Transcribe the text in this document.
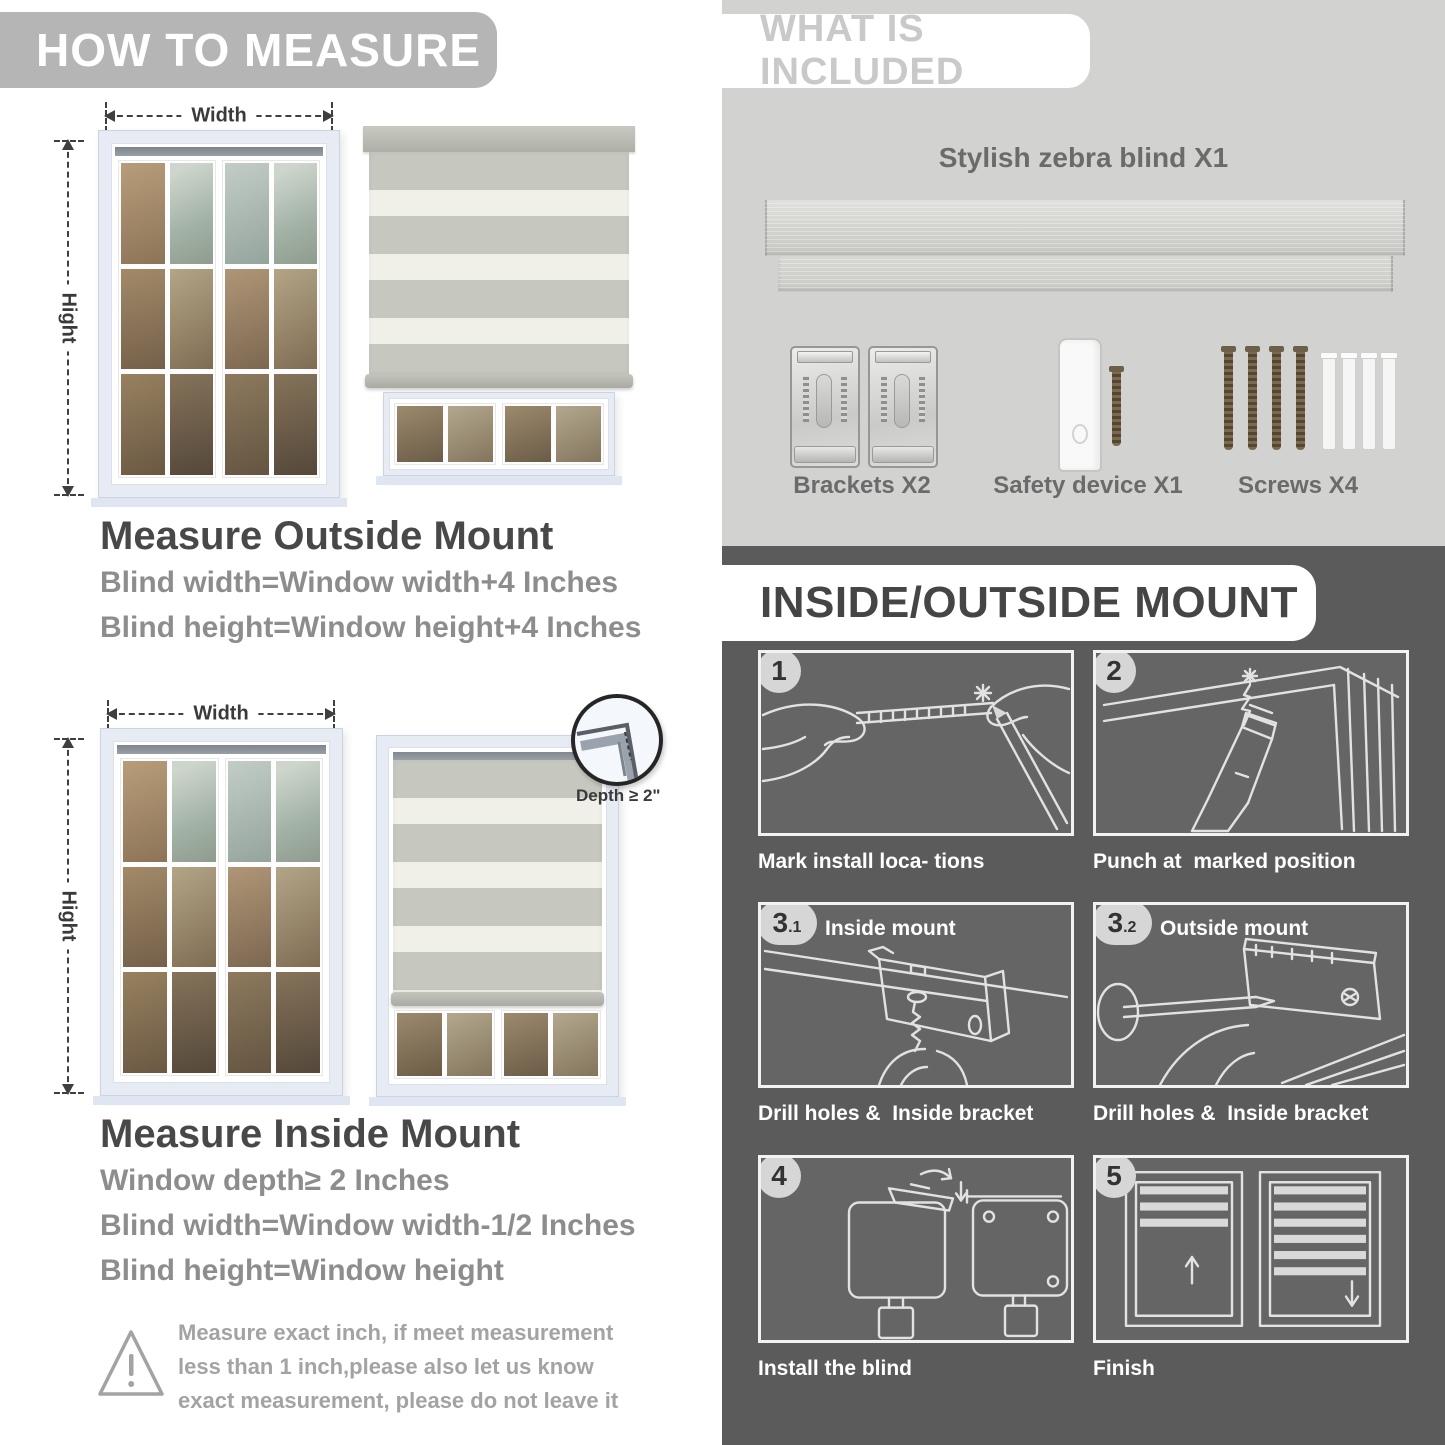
HOW TO MEASURE
Width
Hight
Measure Outside Mount
Blind width=Window width+4 Inches
Blind height=Window height+4 Inches
Width
Hight
Depth ≥ 2"
Measure Inside Mount
Window depth≥ 2 Inches
Blind width=Window width-1/2 Inches
Blind height=Window height
Measure exact inch, if meet measurement less than 1 inch,please also let us know exact measurement, please do not leave it
WHAT IS INCLUDED
Stylish zebra blind X1
Brackets X2	Safety device X1	Screws X4
INSIDE/OUTSIDE MOUNT
1
Mark install loca- tions
2
Punch at  marked position
3 .1 Inside mount
Drill holes &  Inside bracket
3 .2 Outside mount
Drill holes &  Inside bracket
4
Install the blind
5
Finish
